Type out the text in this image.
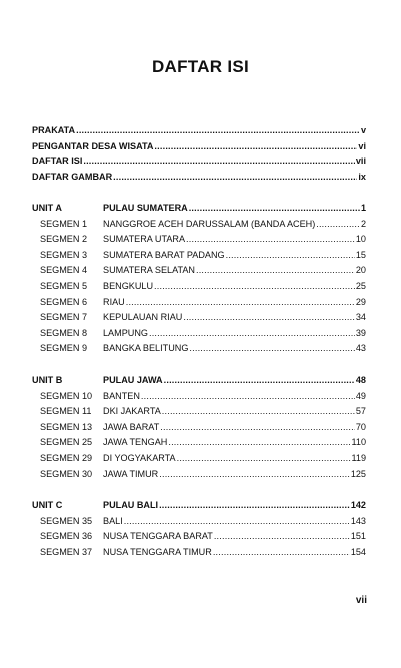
DAFTAR ISI
PRAKATA .....	v
PENGANTAR DESA WISATA .....	vi
DAFTAR ISI .....	vii
DAFTAR GAMBAR .....	ix
UNIT A	PULAU SUMATERA .....	1
SEGMEN 1	NANGGROE ACEH DARUSSALAM (BANDA ACEH) .....	2
SEGMEN 2	SUMATERA UTARA .....	10
SEGMEN 3	SUMATERA BARAT PADANG .....	15
SEGMEN 4	SUMATERA SELATAN .....	20
SEGMEN 5	BENGKULU .....	25
SEGMEN 6	RIAU .....	29
SEGMEN 7	KEPULAUAN RIAU .....	34
SEGMEN 8	LAMPUNG .....	39
SEGMEN 9	BANGKA BELITUNG .....	43
UNIT B	PULAU JAWA .....	48
SEGMEN 10	BANTEN .....	49
SEGMEN 11	DKI JAKARTA .....	57
SEGMEN 13	JAWA BARAT .....	70
SEGMEN 25	JAWA TENGAH .....	110
SEGMEN 29	DI YOGYAKARTA .....	119
SEGMEN 30	JAWA TIMUR .....	125
UNIT C	PULAU BALI .....	142
SEGMEN 35	BALI .....	143
SEGMEN 36	NUSA TENGGARA BARAT .....	151
SEGMEN 37	NUSA TENGGARA TIMUR .....	154
vii
